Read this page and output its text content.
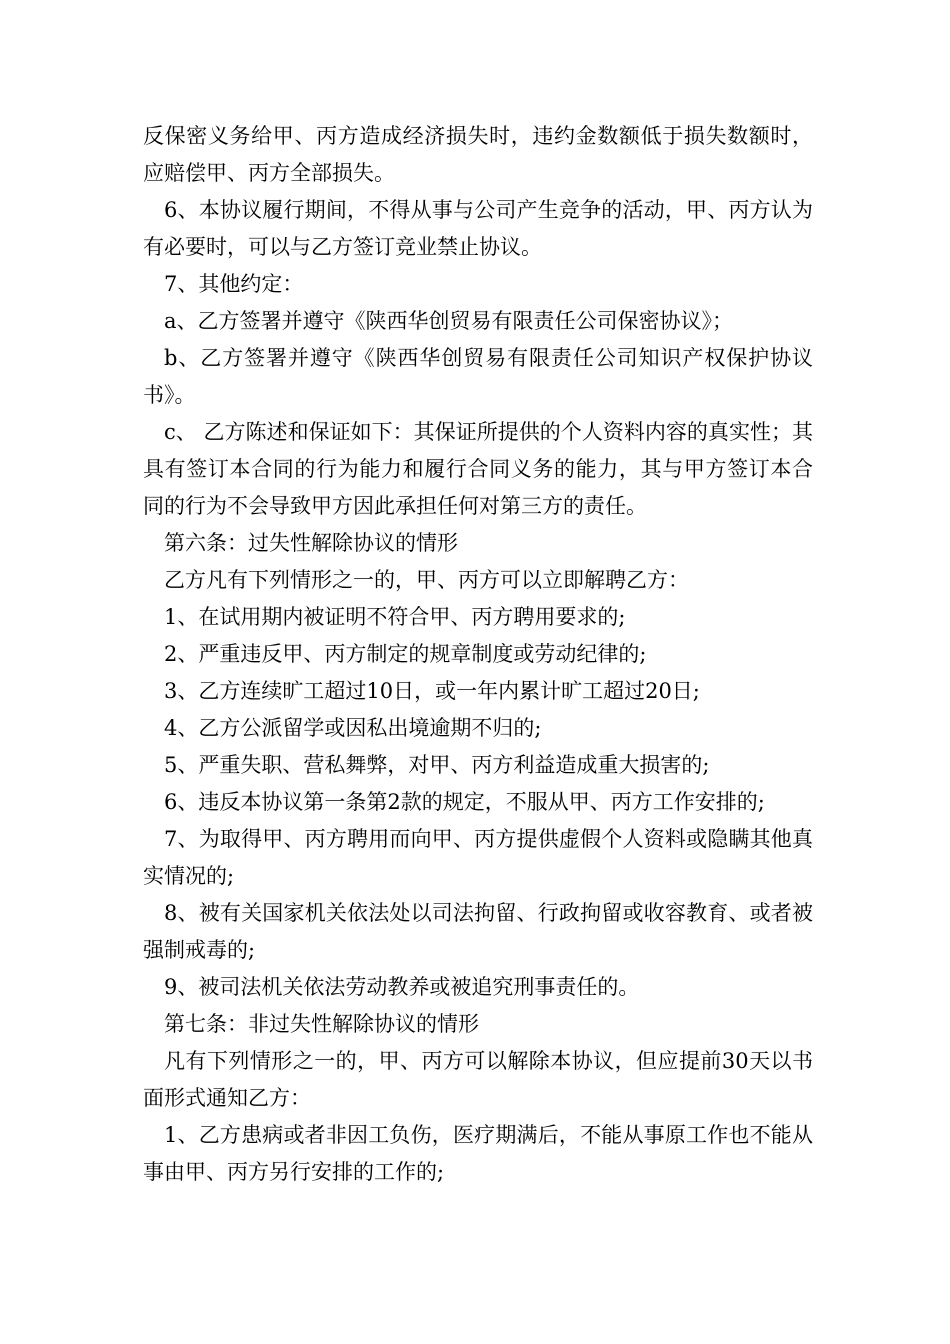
反保密义务给甲、丙方造成经济损失时，违约金数额低于损失数额时，应赔偿甲、丙方全部损失。

6、本协议履行期间，不得从事与公司产生竞争的活动，甲、丙方认为有必要时，可以与乙方签订竞业禁止协议。

7、其他约定：

a、乙方签署并遵守《陕西华创贸易有限责任公司保密协议》；

b、乙方签署并遵守《陕西华创贸易有限责任公司知识产权保护协议书》。

c、 乙方陈述和保证如下：其保证所提供的个人资料内容的真实性；其具有签订本合同的行为能力和履行合同义务的能力，其与甲方签订本合同的行为不会导致甲方因此承担任何对第三方的责任。

第六条：过失性解除协议的情形

乙方凡有下列情形之一的，甲、丙方可以立即解聘乙方：

1、在试用期内被证明不符合甲、丙方聘用要求的;

2、严重违反甲、丙方制定的规章制度或劳动纪律的;

3、乙方连续旷工超过10日，或一年内累计旷工超过20日;

4、乙方公派留学或因私出境逾期不归的;

5、严重失职、营私舞弊，对甲、丙方利益造成重大损害的;

6、违反本协议第一条第2款的规定，不服从甲、丙方工作安排的;

7、为取得甲、丙方聘用而向甲、丙方提供虚假个人资料或隐瞒其他真实情况的;

8、被有关国家机关依法处以司法拘留、行政拘留或收容教育、或者被强制戒毒的;

9、被司法机关依法劳动教养或被追究刑事责任的。

第七条：非过失性解除协议的情形

凡有下列情形之一的，甲、丙方可以解除本协议，但应提前30天以书面形式通知乙方：

1、乙方患病或者非因工负伤，医疗期满后，不能从事原工作也不能从事由甲、丙方另行安排的工作的;
